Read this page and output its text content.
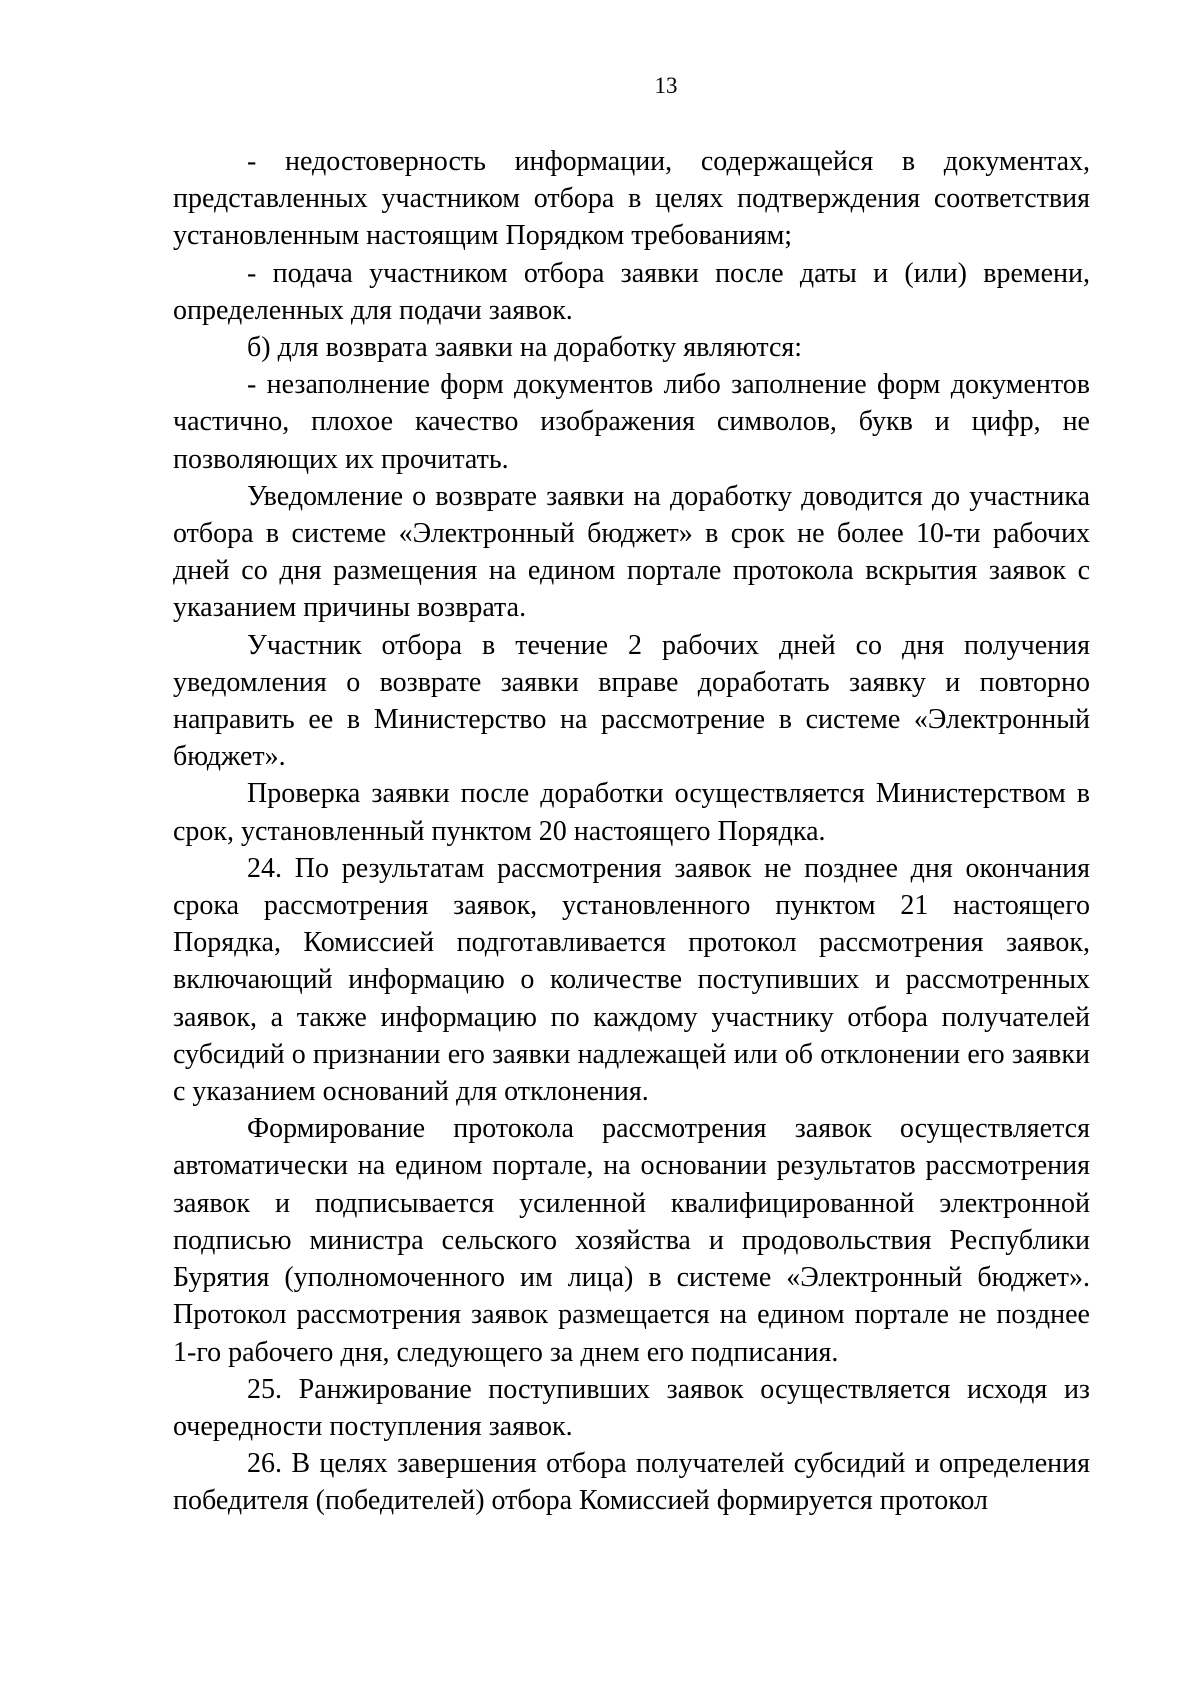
13

- недостоверность информации, содержащейся в документах, представленных участником отбора в целях подтверждения соответствия установленным настоящим Порядком требованиям;

- подача участником отбора заявки после даты и (или) времени, определенных для подачи заявок.

б) для возврата заявки на доработку являются:

- незаполнение форм документов либо заполнение форм документов частично, плохое качество изображения символов, букв и цифр, не позволяющих их прочитать.

Уведомление о возврате заявки на доработку доводится до участника отбора в системе «Электронный бюджет» в срок не более 10-ти рабочих дней со дня размещения на едином портале протокола вскрытия заявок с указанием причины возврата.

Участник отбора в течение 2 рабочих дней со дня получения уведомления о возврате заявки вправе доработать заявку и повторно направить ее в Министерство на рассмотрение в системе «Электронный бюджет».

Проверка заявки после доработки осуществляется Министерством в срок, установленный пунктом 20 настоящего Порядка.

24. По результатам рассмотрения заявок не позднее дня окончания срока рассмотрения заявок, установленного пунктом 21 настоящего Порядка, Комиссией подготавливается протокол рассмотрения заявок, включающий информацию о количестве поступивших и рассмотренных заявок, а также информацию по каждому участнику отбора получателей субсидий о признании его заявки надлежащей или об отклонении его заявки с указанием оснований для отклонения.

Формирование протокола рассмотрения заявок осуществляется автоматически на едином портале, на основании результатов рассмотрения заявок и подписывается усиленной квалифицированной электронной подписью министра сельского хозяйства и продовольствия Республики Бурятия (уполномоченного им лица) в системе «Электронный бюджет». Протокол рассмотрения заявок размещается на едином портале не позднее 1-го рабочего дня, следующего за днем его подписания.

25. Ранжирование поступивших заявок осуществляется исходя из очередности поступления заявок.

26. В целях завершения отбора получателей субсидий и определения победителя (победителей) отбора Комиссией формируется протокол
